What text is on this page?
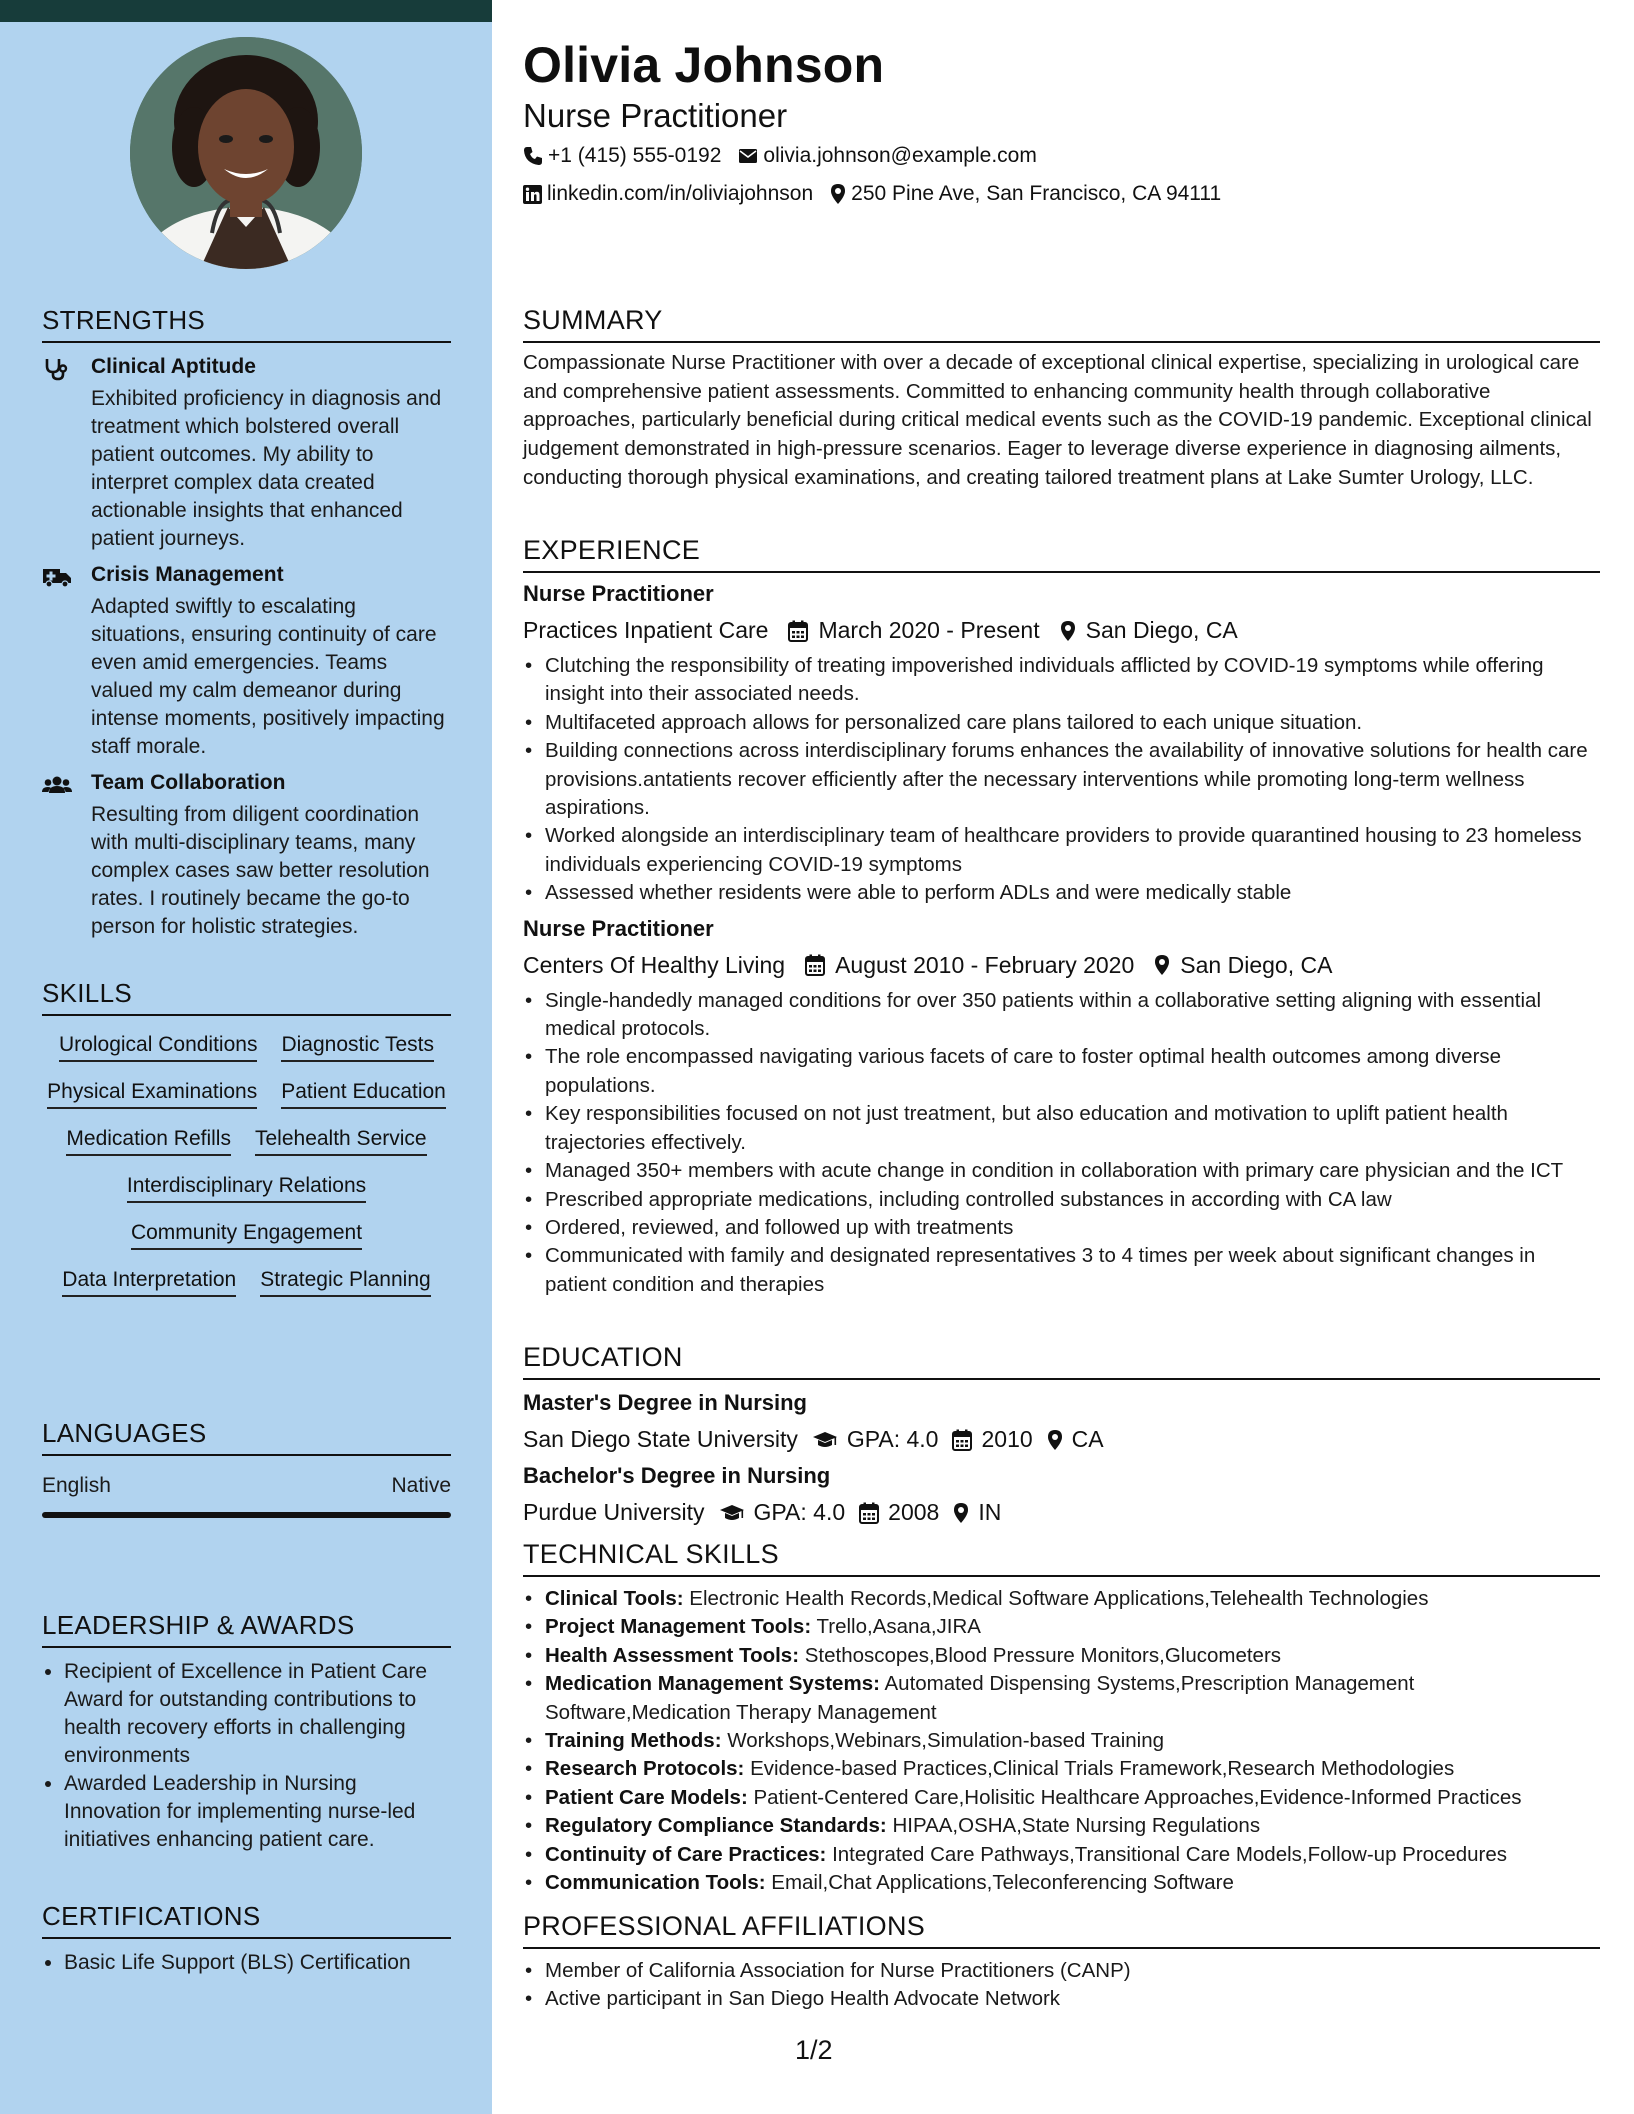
STRENGTHS
Clinical Aptitude
Exhibited proficiency in diagnosis and treatment which bolstered overall patient outcomes. My ability to interpret complex data created actionable insights that enhanced patient journeys.
Crisis Management
Adapted swiftly to escalating situations, ensuring continuity of care even amid emergencies. Teams valued my calm demeanor during intense moments, positively impacting staff morale.
Team Collaboration
Resulting from diligent coordination with multi-disciplinary teams, many complex cases saw better resolution rates. I routinely became the go-to person for holistic strategies.
SKILLS
Urological Conditions Diagnostic Tests
Physical Examinations Patient Education
Medication Refills Telehealth Service
Interdisciplinary Relations
Community Engagement
Data Interpretation Strategic Planning
LANGUAGES
English	Native
LEADERSHIP & AWARDS
• Recipient of Excellence in Patient Care Award for outstanding contributions to health recovery efforts in challenging environments
• Awarded Leadership in Nursing Innovation for implementing nurse-led initiatives enhancing patient care.
CERTIFICATIONS
• Basic Life Support (BLS) Certification
Olivia Johnson
Nurse Practitioner
+1 (415) 555-0192 olivia.johnson@example.com
linkedin.com/in/oliviajohnson 250 Pine Ave, San Francisco, CA 94111
SUMMARY
Compassionate Nurse Practitioner with over a decade of exceptional clinical expertise, specializing in urological care and comprehensive patient assessments. Committed to enhancing community health through collaborative approaches, particularly beneficial during critical medical events such as the COVID-19 pandemic. Exceptional clinical judgement demonstrated in high-pressure scenarios. Eager to leverage diverse experience in diagnosing ailments, conducting thorough physical examinations, and creating tailored treatment plans at Lake Sumter Urology, LLC.
EXPERIENCE
Nurse Practitioner
Practices Inpatient Care March 2020 - Present San Diego, CA
• Clutching the responsibility of treating impoverished individuals afflicted by COVID-19 symptoms while offering insight into their associated needs.
• Multifaceted approach allows for personalized care plans tailored to each unique situation.
• Building connections across interdisciplinary forums enhances the availability of innovative solutions for health care provisions.antatients recover efficiently after the necessary interventions while promoting long-term wellness aspirations.
• Worked alongside an interdisciplinary team of healthcare providers to provide quarantined housing to 23 homeless individuals experiencing COVID-19 symptoms
• Assessed whether residents were able to perform ADLs and were medically stable
Nurse Practitioner
Centers Of Healthy Living August 2010 - February 2020 San Diego, CA
• Single-handedly managed conditions for over 350 patients within a collaborative setting aligning with essential medical protocols.
• The role encompassed navigating various facets of care to foster optimal health outcomes among diverse populations.
• Key responsibilities focused on not just treatment, but also education and motivation to uplift patient health trajectories effectively.
• Managed 350+ members with acute change in condition in collaboration with primary care physician and the ICT
• Prescribed appropriate medications, including controlled substances in according with CA law
• Ordered, reviewed, and followed up with treatments
• Communicated with family and designated representatives 3 to 4 times per week about significant changes in patient condition and therapies
EDUCATION
Master's Degree in Nursing
San Diego State University GPA: 4.0 2010 CA
Bachelor's Degree in Nursing
Purdue University GPA: 4.0 2008 IN
TECHNICAL SKILLS
• Clinical Tools: Electronic Health Records,Medical Software Applications,Telehealth Technologies
• Project Management Tools: Trello,Asana,JIRA
• Health Assessment Tools: Stethoscopes,Blood Pressure Monitors,Glucometers
• Medication Management Systems: Automated Dispensing Systems,Prescription Management Software,Medication Therapy Management
• Training Methods: Workshops,Webinars,Simulation-based Training
• Research Protocols: Evidence-based Practices,Clinical Trials Framework,Research Methodologies
• Patient Care Models: Patient-Centered Care,Holisitic Healthcare Approaches,Evidence-Informed Practices
• Regulatory Compliance Standards: HIPAA,OSHA,State Nursing Regulations
• Continuity of Care Practices: Integrated Care Pathways,Transitional Care Models,Follow-up Procedures
• Communication Tools: Email,Chat Applications,Teleconferencing Software
PROFESSIONAL AFFILIATIONS
• Member of California Association for Nurse Practitioners (CANP)
• Active participant in San Diego Health Advocate Network
1/2
